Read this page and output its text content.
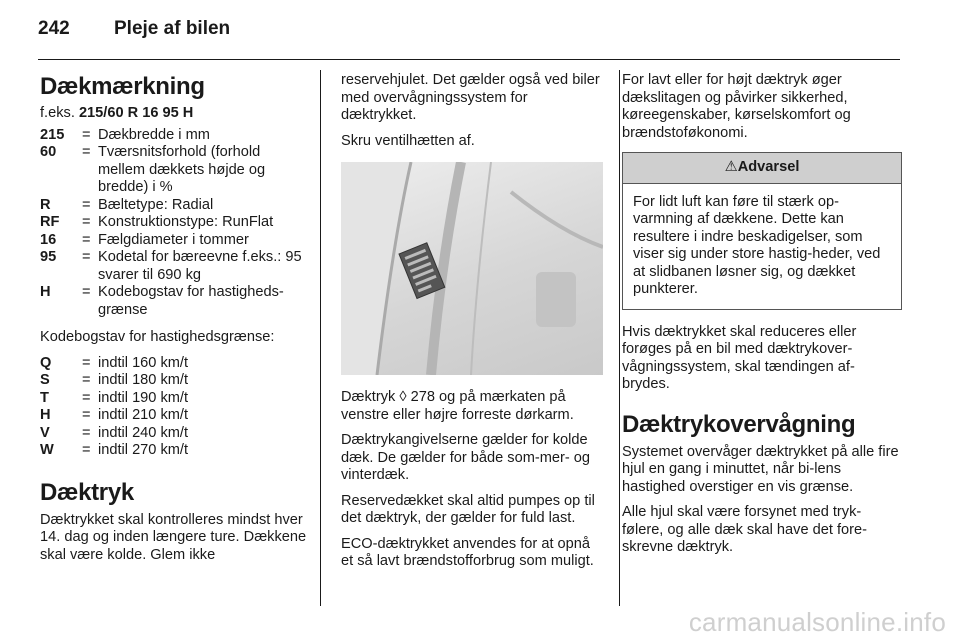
242 Pleje af bilen
Dækmærkning
f.eks. 215/60 R 16 95 H
215	= Dækbredde i mm
60	= Tværsnitsforhold (forhold mellem dækkets højde og bredde) i %
R	= Bæltetype: Radial
RF	= Konstruktionstype: RunFlat
16	= Fælgdiameter i tommer
95	= Kodetal for bæreevne f.eks.: 95 svarer til 690 kg
H	= Kodebogstav for hastigheds-grænse

Kodebogstav for hastighedsgrænse:

Q	= indtil 160 km/t
S	= indtil 180 km/t
T	= indtil 190 km/t
H	= indtil 210 km/t
V	= indtil 240 km/t
W	= indtil 270 km/t
Dæktryk

Dæktrykket skal kontrolleres mindst hver 14. dag og inden længere ture. Dækkene skal være kolde. Glem ikke

reservehjulet. Det gælder også ved biler med overvågningssystem for dæktrykket.

Skru ventilhætten af.

Dæktryk ◊ 278 og på mærkaten på venstre eller højre forreste dørkarm.

Dæktrykangivelserne gælder for kolde dæk. De gælder for både som-mer- og vinterdæk.

Reservedækket skal altid pumpes op til det dæktryk, der gælder for fuld last.

ECO-dæktrykket anvendes for at opnå et så lavt brændstofforbrug som muligt.

For lavt eller for højt dæktryk øger dækslitagen og påvirker sikkerhed, køreegenskaber, kørselskomfort og brændstoføkonomi.

⚠Advarsel
For lidt luft kan føre til stærk op-varmning af dækkene. Dette kan resultere i indre beskadigelser, som viser sig under store hastig-heder, ved at slidbanen løsner sig, og dækket punkterer.

Hvis dæktrykket skal reduceres eller forøges på en bil med dæktrykover-vågningssystem, skal tændingen af-brydes.

Dæktrykovervågning

Systemet overvåger dæktrykket på alle fire hjul en gang i minuttet, når bi-lens hastighed overstiger en vis grænse.

Alle hjul skal være forsynet med tryk-følere, og alle dæk skal have det fore-skrevne dæktryk.

carmanualsonline.info
